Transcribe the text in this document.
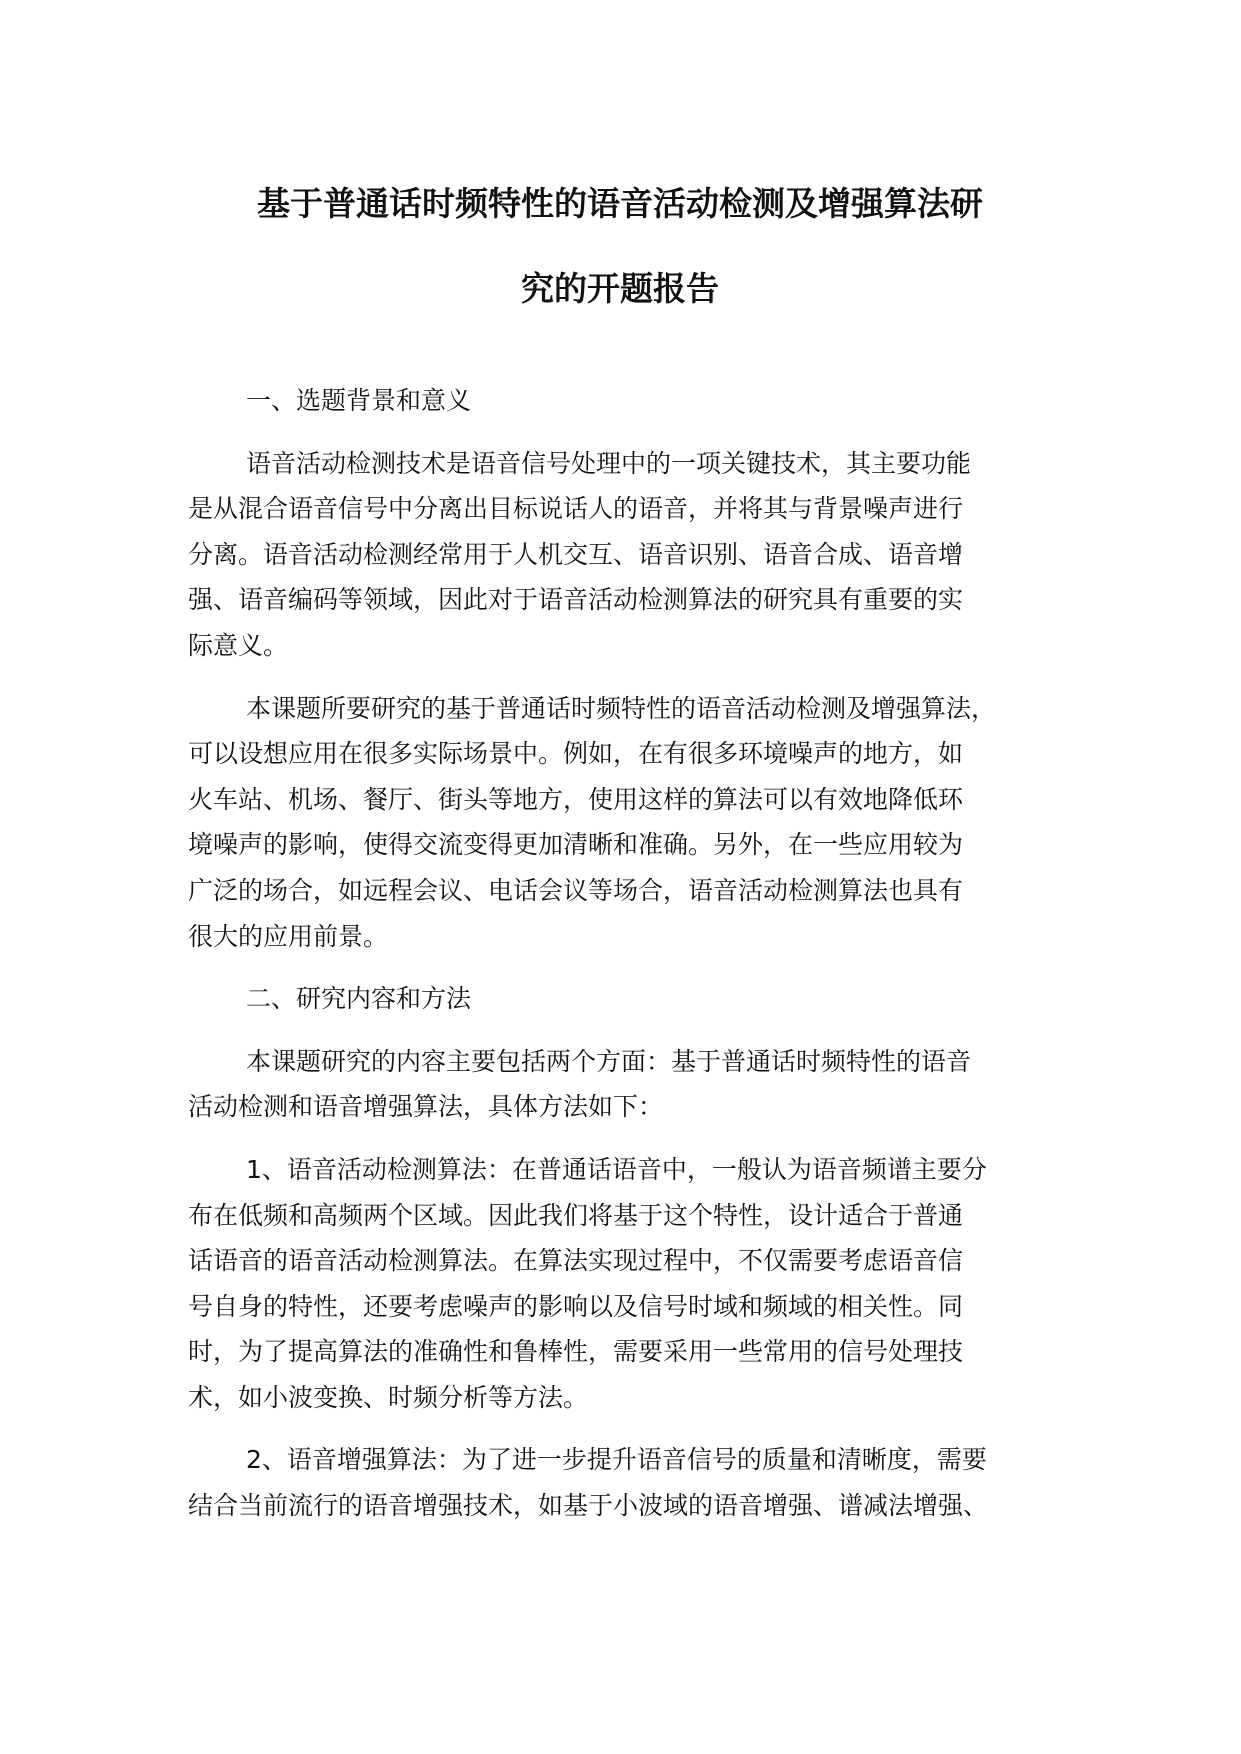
基于普通话时频特性的语音活动检测及增强算法研
究的开题报告

一、选题背景和意义

语音活动检测技术是语音信号处理中的一项关键技术，其主要功能
是从混合语音信号中分离出目标说话人的语音，并将其与背景噪声进行
分离。语音活动检测经常用于人机交互、语音识别、语音合成、语音增
强、语音编码等领域，因此对于语音活动检测算法的研究具有重要的实
际意义。

本课题所要研究的基于普通话时频特性的语音活动检测及增强算法，
可以设想应用在很多实际场景中。例如，在有很多环境噪声的地方，如
火车站、机场、餐厅、街头等地方，使用这样的算法可以有效地降低环
境噪声的影响，使得交流变得更加清晰和准确。另外，在一些应用较为
广泛的场合，如远程会议、电话会议等场合，语音活动检测算法也具有
很大的应用前景。

二、研究内容和方法

本课题研究的内容主要包括两个方面：基于普通话时频特性的语音
活动检测和语音增强算法，具体方法如下：

1、语音活动检测算法：在普通话语音中，一般认为语音频谱主要分
布在低频和高频两个区域。因此我们将基于这个特性，设计适合于普通
话语音的语音活动检测算法。在算法实现过程中，不仅需要考虑语音信
号自身的特性，还要考虑噪声的影响以及信号时域和频域的相关性。同
时，为了提高算法的准确性和鲁棒性，需要采用一些常用的信号处理技
术，如小波变换、时频分析等方法。

2、语音增强算法：为了进一步提升语音信号的质量和清晰度，需要
结合当前流行的语音增强技术，如基于小波域的语音增强、谱减法增强、
